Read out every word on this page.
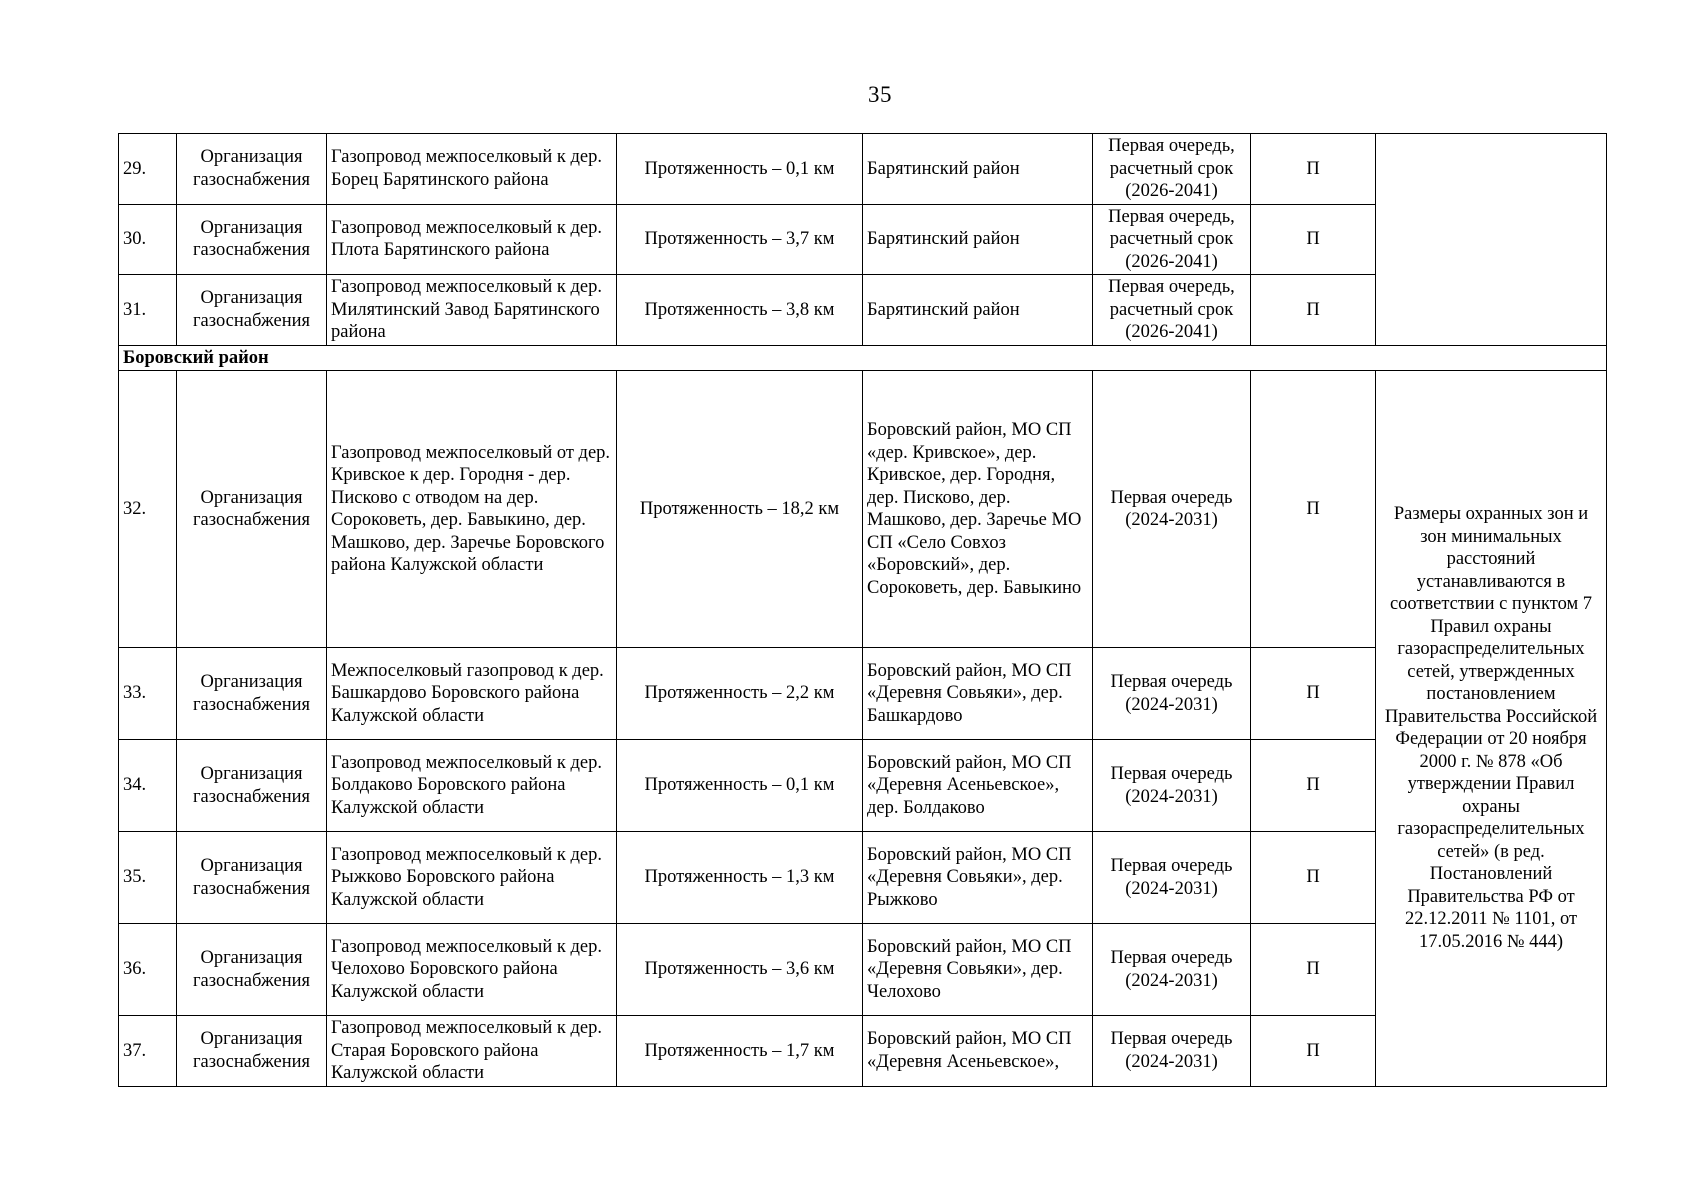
35
29.	Организация газоснабжения	Газопровод межпоселковый к дер. Борец Барятинского района	Протяженность – 0,1 км	Барятинский район	Первая очередь, расчетный срок (2026-2041)	П	
30.	Организация газоснабжения	Газопровод межпоселковый к дер. Плота Барятинского района	Протяженность – 3,7 км	Барятинский район	Первая очередь, расчетный срок (2026-2041)	П	
31.	Организация газоснабжения	Газопровод межпоселковый к дер. Милятинский Завод Барятинского района	Протяженность – 3,8 км	Барятинский район	Первая очередь, расчетный срок (2026-2041)	П	
Боровский район							
32.	Организация газоснабжения	Газопровод межпоселковый от дер. Кривское к дер. Городня - дер. Писково с отводом на дер. Сороковеть, дер. Бавыкино, дер. Машково, дер. Заречье Боровского района Калужской области	Протяженность – 18,2 км	Боровский район, МО СП «дер. Кривское», дер. Кривское, дер. Городня, дер. Писково, дер. Машково, дер. Заречье МО СП «Село Совхоз «Боровский», дер. Сороковеть, дер. Бавыкино	Первая очередь (2024-2031)	П	Размеры охранных зон и зон минимальных расстояний устанавливаются в соответствии с пунктом 7 Правил охраны газораспределительных сетей, утвержденных постановлением Правительства Российской Федерации от 20 ноября 2000 г. № 878 «Об утверждении Правил охраны газораспределительных сетей» (в ред. Постановлений Правительства РФ от 22.12.2011 № 1101, от 17.05.2016 № 444)
33.	Организация газоснабжения	Межпоселковый газопровод к дер. Башкардово Боровского района Калужской области	Протяженность – 2,2 км	Боровский район, МО СП «Деревня Совьяки», дер. Башкардово	Первая очередь (2024-2031)	П	
34.	Организация газоснабжения	Газопровод межпоселковый к дер. Болдаково Боровского района Калужской области	Протяженность – 0,1 км	Боровский район, МО СП «Деревня Асеньевское», дер. Болдаково	Первая очередь (2024-2031)	П	
35.	Организация газоснабжения	Газопровод межпоселковый к дер. Рыжково Боровского района Калужской области	Протяженность – 1,3 км	Боровский район, МО СП «Деревня Совьяки», дер. Рыжково	Первая очередь (2024-2031)	П	
36.	Организация газоснабжения	Газопровод межпоселковый к дер. Челохово Боровского района Калужской области	Протяженность – 3,6 км	Боровский район, МО СП «Деревня Совьяки», дер. Челохово	Первая очередь (2024-2031)	П	
37.	Организация газоснабжения	Газопровод межпоселковый к дер. Старая Боровского района Калужской области	Протяженность – 1,7 км	Боровский район, МО СП «Деревня Асеньевское»,	Первая очередь (2024-2031)	П	
